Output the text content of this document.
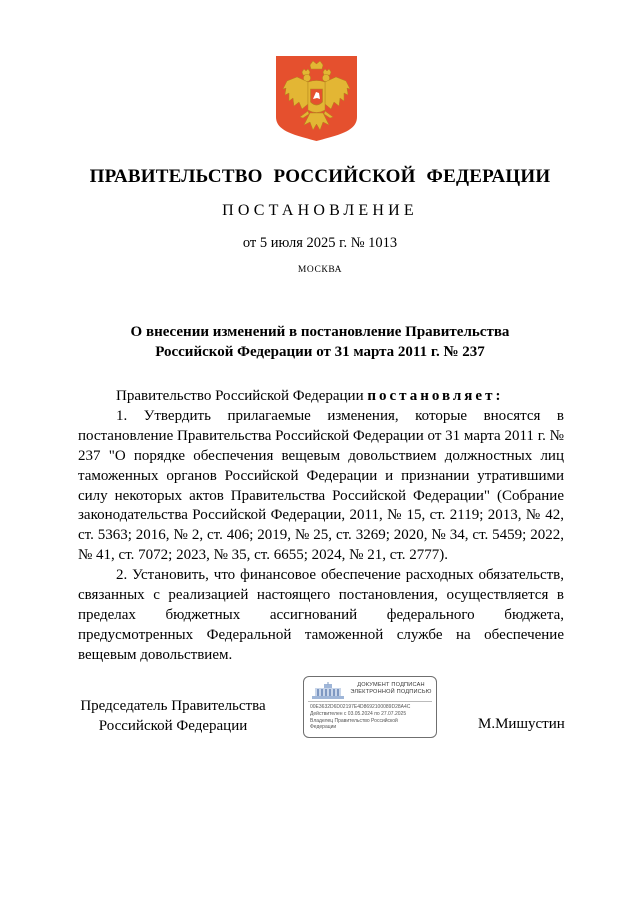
ПРАВИТЕЛЬСТВО РОССИЙСКОЙ ФЕДЕРАЦИИ
ПОСТАНОВЛЕНИЕ
от 5 июля 2025 г. № 1013
МОСКВА
О внесении изменений в постановление Правительства
Российской Федерации от 31 марта 2011 г. № 237

Правительство Российской Федерации постановляет:

1. Утвердить прилагаемые изменения, которые вносятся в постановление Правительства Российской Федерации от 31 марта 2011 г. № 237 "О порядке обеспечения вещевым довольствием должностных лиц таможенных органов Российской Федерации и признании утратившими силу некоторых актов Правительства Российской Федерации" (Собрание законодательства Российской Федерации, 2011, № 15, ст. 2119; 2013, № 42, ст. 5363; 2016, № 2, ст. 406; 2019, № 25, ст. 3269; 2020, № 34, ст. 5459; 2022, № 41, ст. 7072; 2023, № 35, ст. 6655; 2024, № 21, ст. 2777).

2. Установить, что финансовое обеспечение расходных обязательств, связанных с реализацией настоящего постановления, осуществляется в пределах бюджетных ассигнований федерального бюджета, предусмотренных Федеральной таможенной службе на обеспечение вещевым довольствием.

Председатель Правительства
Российской Федерации	М.Мишустин
ДОКУМЕНТ ПОДПИСАН
ЭЛЕКТРОННОЙ ПОДПИСЬЮ
00E3632D6D02197E4D8692100089D28A4C
Действителен с 03.05.2024 по 27.07.2025
Владелец Правительство Российской
Федерации
